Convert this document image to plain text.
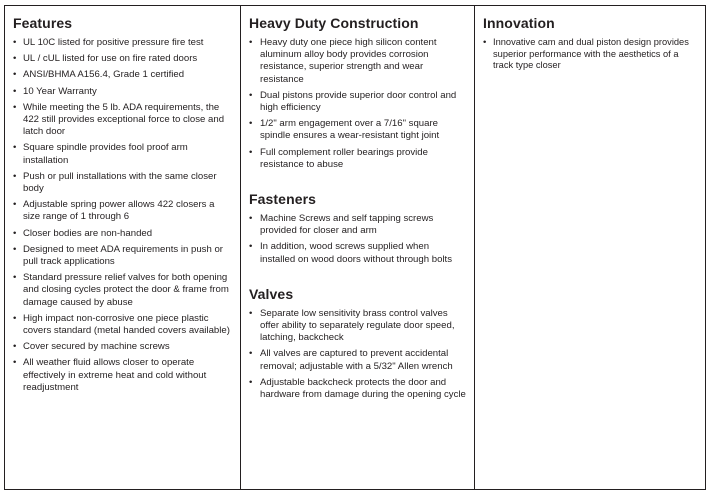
Features
• UL 10C listed for positive pressure fire test
• UL / cUL listed for use on fire rated doors
• ANSI/BHMA A156.4, Grade 1 certified
• 10 Year Warranty
• While meeting the 5 lb. ADA requirements, the 422 still provides exceptional force to close and latch door
• Square spindle provides fool proof arm installation
• Push or pull installations with the same closer body
• Adjustable spring power allows 422 closers a size range of 1 through 6
• Closer bodies are non-handed
• Designed to meet ADA requirements in push or pull track applications
• Standard pressure relief valves for both opening and closing cycles protect the door & frame from damage caused by abuse
• High impact non-corrosive one piece plastic covers standard (metal handed covers available)
• Cover secured by machine screws
• All weather fluid allows closer to operate effectively in extreme heat and cold without readjustment
Heavy Duty Construction
• Heavy duty one piece high silicon content aluminum alloy body provides corrosion resistance, superior strength and wear resistance
• Dual pistons provide superior door control and high efficiency
• 1/2" arm engagement over a 7/16" square spindle ensures a wear-resistant tight joint
• Full complement roller bearings provide resistance to abuse
Fasteners
• Machine Screws and self tapping screws provided for closer and arm
• In addition, wood screws supplied when installed on wood doors without through bolts
Valves
• Separate low sensitivity brass control valves offer ability to separately regulate door speed, latching, backcheck
• All valves are captured to prevent accidental removal; adjustable with a 5/32" Allen wrench
• Adjustable backcheck protects the door and hardware from damage during the opening cycle
Innovation
• Innovative cam and dual piston design provides superior performance with the aesthetics of a track type closer
